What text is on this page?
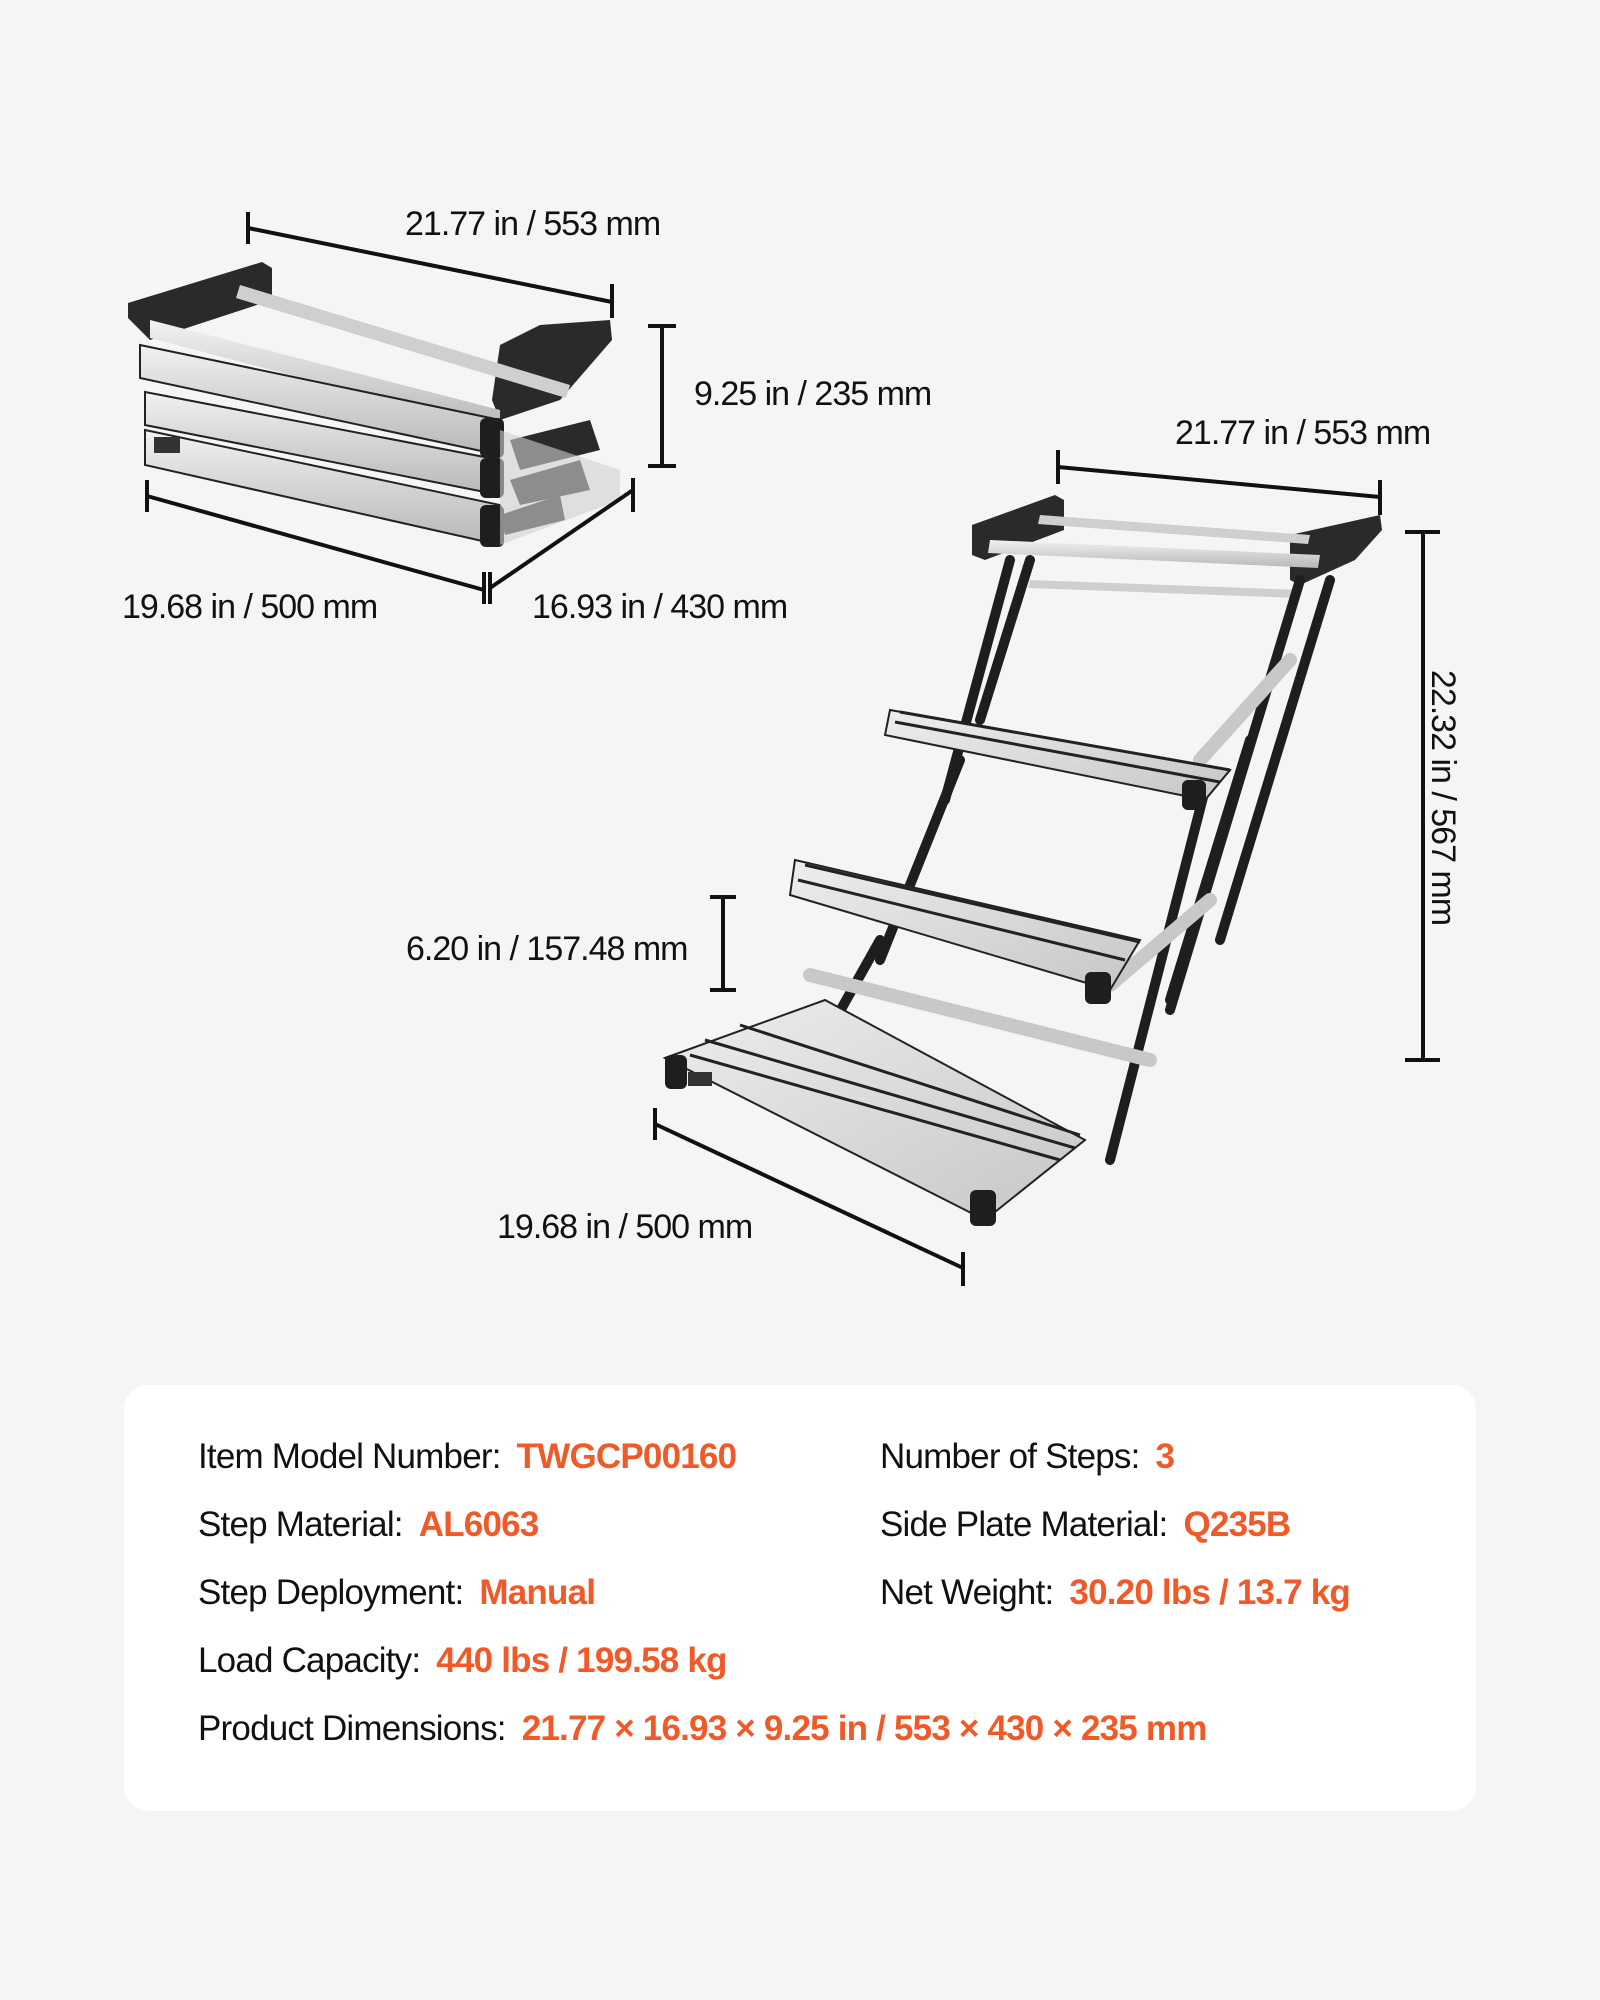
21.77 in / 553 mm
9.25 in / 235 mm
19.68 in / 500 mm	16.93 in / 430 mm
21.77 in / 553 mm
22.32 in / 567 mm
6.20 in / 157.48 mm
19.68 in / 500 mm
Item Model Number: TWGCP00160	Number of Steps: 3
Step Material: AL6063	Side Plate Material: Q235B
Step Deployment: Manual	Net Weight: 30.20 lbs / 13.7 kg
Load Capacity: 440 lbs / 199.58 kg
Product Dimensions: 21.77 × 16.93 × 9.25 in / 553 × 430 × 235 mm
